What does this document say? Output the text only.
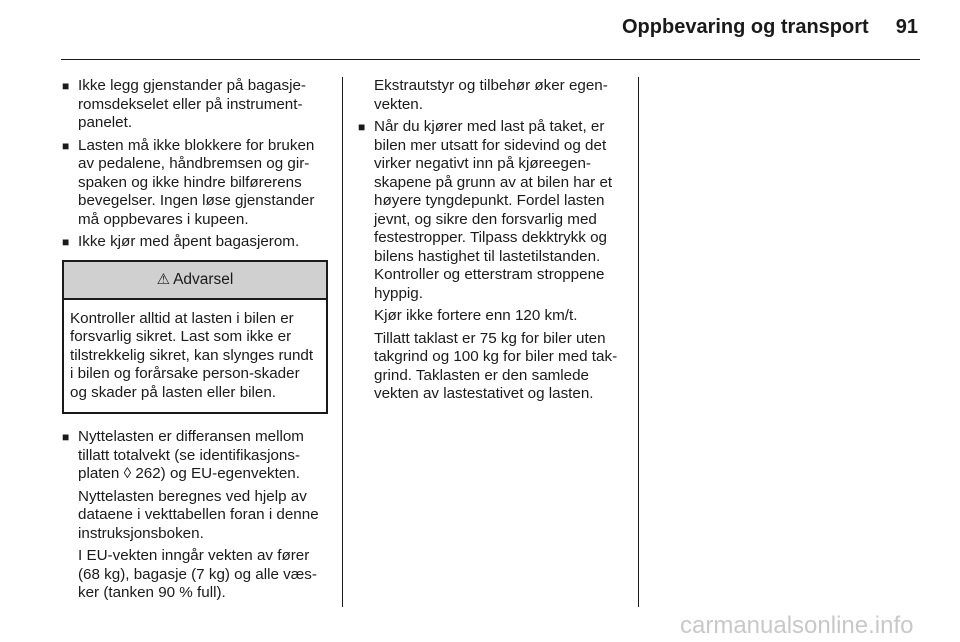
Oppbevaring og transport	91
■ Ikke legg gjenstander på bagasje-romsdekselet eller på instrument-panelet.
■ Lasten må ikke blokkere for bruken av pedalene, håndbremsen og gir-spaken og ikke hindre bilførerens bevegelser. Ingen løse gjenstander må oppbevares i kupeen.
■ Ikke kjør med åpent bagasjerom.
⚠ Advarsel
Kontroller alltid at lasten i bilen er forsvarlig sikret. Last som ikke er tilstrekkelig sikret, kan slynges rundt i bilen og forårsake person-skader og skader på lasten eller bilen.
■ Nyttelasten er differansen mellom tillatt totalvekt (se identifikasjons-platen ◊ 262) og EU-egenvekten.
Nyttelasten beregnes ved hjelp av dataene i vekttabellen foran i denne instruksjonsboken.
I EU-vekten inngår vekten av fører (68 kg), bagasje (7 kg) og alle væs-ker (tanken 90 % full).
Ekstrautstyr og tilbehør øker egen-vekten.
■ Når du kjører med last på taket, er bilen mer utsatt for sidevind og det virker negativt inn på kjøreegen-skapene på grunn av at bilen har et høyere tyngdepunkt. Fordel lasten jevnt, og sikre den forsvarlig med festestropper. Tilpass dekktrykk og bilens hastighet til lastetilstanden. Kontroller og etterstram stroppene hyppig.
Kjør ikke fortere enn 120 km/t.
Tillatt taklast er 75 kg for biler uten takgrind og 100 kg for biler med tak-grind. Taklasten er den samlede vekten av lastestativet og lasten.
carmanualsonline.info
